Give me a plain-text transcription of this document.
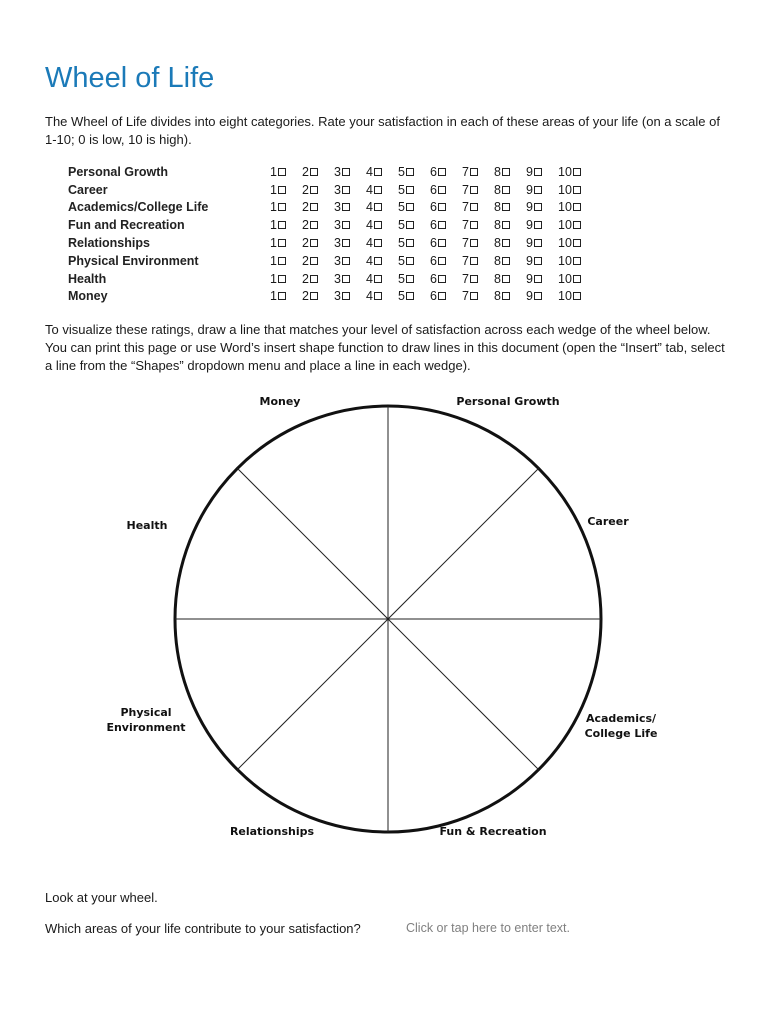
Wheel of Life

The Wheel of Life divides into eight categories. Rate your satisfaction in each of these areas of your life (on a scale of 1-10; 0 is low, 10 is high).

Personal Growth	1 2 3 4 5 6 7 8 9 10
Career	1 2 3 4 5 6 7 8 9 10
Academics/College Life	1 2 3 4 5 6 7 8 9 10
Fun and Recreation	1 2 3 4 5 6 7 8 9 10
Relationships	1 2 3 4 5 6 7 8 9 10
Physical Environment	1 2 3 4 5 6 7 8 9 10
Health	1 2 3 4 5 6 7 8 9 10
Money	1 2 3 4 5 6 7 8 9 10

To visualize these ratings, draw a line that matches your level of satisfaction across each wedge of the wheel below. You can print this page or use Word’s insert shape function to draw lines in this document (open the “Insert” tab, select a line from the “Shapes” dropdown menu and place a line in each wedge).

Money	Personal Growth
Career
Academics/
College Life
Fun & Recreation
Relationships
Physical
Environment
Health

Look at your wheel.

Which areas of your life contribute to your satisfaction?	Click or tap here to enter text.
